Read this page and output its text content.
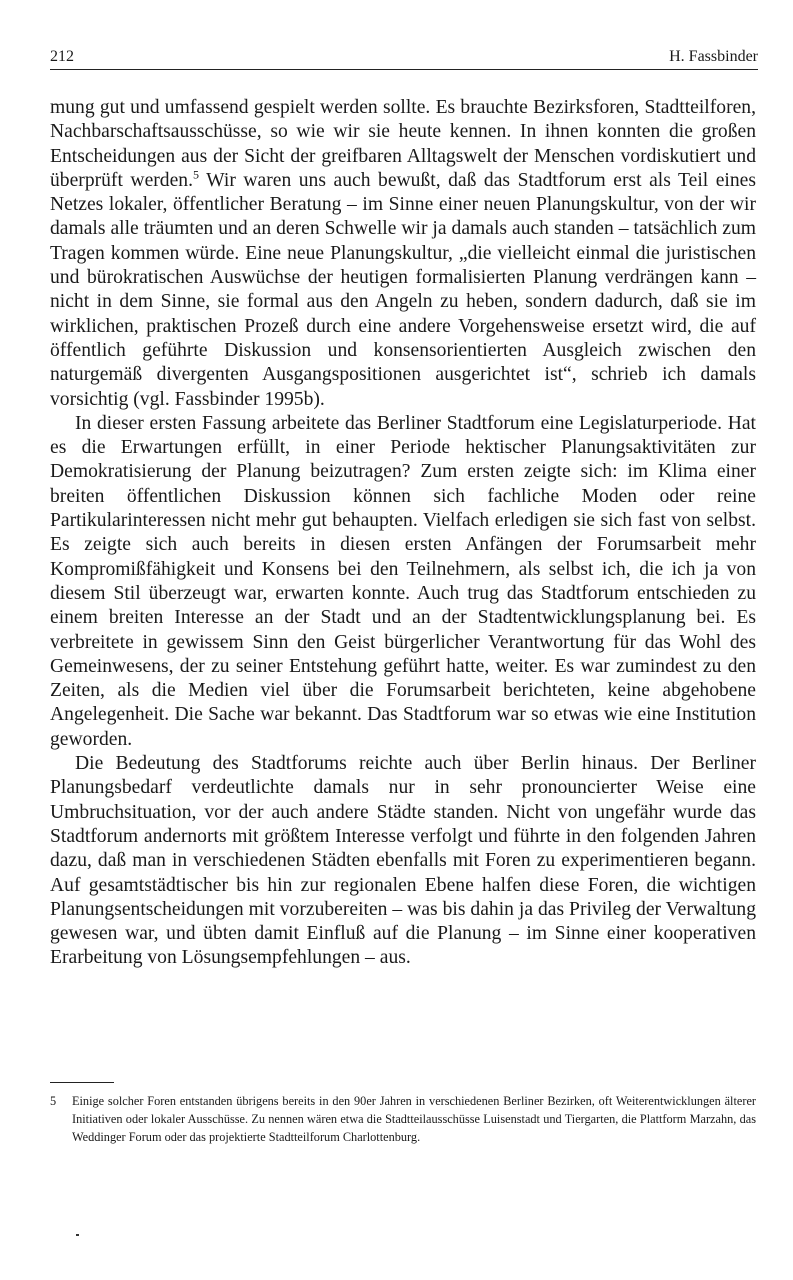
212	H. Fassbinder

mung gut und umfassend gespielt werden sollte. Es brauchte Bezirksforen, Stadtteilforen, Nachbarschaftsausschüsse, so wie wir sie heute kennen. In ihnen konnten die großen Entscheidungen aus der Sicht der greifbaren Alltagswelt der Menschen vordiskutiert und überprüft werden.$^5$ Wir waren uns auch bewußt, daß das Stadtforum erst als Teil eines Netzes lokaler, öffentlicher Beratung – im Sinne einer neuen Planungskultur, von der wir damals alle träumten und an deren Schwelle wir ja damals auch standen – tatsächlich zum Tragen kommen würde. Eine neue Planungskultur, „die vielleicht einmal die juristischen und bürokratischen Auswüchse der heutigen formalisierten Planung verdrängen kann – nicht in dem Sinne, sie formal aus den Angeln zu heben, sondern dadurch, daß sie im wirklichen, praktischen Prozeß durch eine andere Vorgehensweise ersetzt wird, die auf öffentlich geführte Diskussion und konsensorientierten Ausgleich zwischen den naturgemäß divergenten Ausgangspositionen ausgerichtet ist“, schrieb ich damals vorsichtig (vgl. Fassbinder 1995b).

In dieser ersten Fassung arbeitete das Berliner Stadtforum eine Legislaturperiode. Hat es die Erwartungen erfüllt, in einer Periode hektischer Planungsaktivitäten zur Demokratisierung der Planung beizutragen? Zum ersten zeigte sich: im Klima einer breiten öffentlichen Diskussion können sich fachliche Moden oder reine Partikularinteressen nicht mehr gut behaupten. Vielfach erledigen sie sich fast von selbst. Es zeigte sich auch bereits in diesen ersten Anfängen der Forumsarbeit mehr Kompromißfähigkeit und Konsens bei den Teilnehmern, als selbst ich, die ich ja von diesem Stil überzeugt war, erwarten konnte. Auch trug das Stadtforum entschieden zu einem breiten Interesse an der Stadt und an der Stadtentwicklungsplanung bei. Es verbreitete in gewissem Sinn den Geist bürgerlicher Verantwortung für das Wohl des Gemeinwesens, der zu seiner Entstehung geführt hatte, weiter. Es war zumindest zu den Zeiten, als die Medien viel über die Forumsarbeit berichteten, keine abgehobene Angelegenheit. Die Sache war bekannt. Das Stadtforum war so etwas wie eine Institution geworden.

Die Bedeutung des Stadtforums reichte auch über Berlin hinaus. Der Berliner Planungsbedarf verdeutlichte damals nur in sehr pronouncierter Weise eine Umbruchsituation, vor der auch andere Städte standen. Nicht von ungefähr wurde das Stadtforum andernorts mit größtem Interesse verfolgt und führte in den folgenden Jahren dazu, daß man in verschiedenen Städten ebenfalls mit Foren zu experimentieren begann. Auf gesamtstädtischer bis hin zur regionalen Ebene halfen diese Foren, die wichtigen Planungsentscheidungen mit vorzubereiten – was bis dahin ja das Privileg der Verwaltung gewesen war, und übten damit Einfluß auf die Planung – im Sinne einer kooperativen Erarbeitung von Lösungsempfehlungen – aus.

5 Einige solcher Foren entstanden übrigens bereits in den 90er Jahren in verschiedenen Berliner Bezirken, oft Weiterentwicklungen älterer Initiativen oder lokaler Ausschüsse. Zu nennen wären etwa die Stadtteilausschüsse Luisenstadt und Tiergarten, die Plattform Marzahn, das Weddinger Forum oder das projektierte Stadtteilforum Charlottenburg.
